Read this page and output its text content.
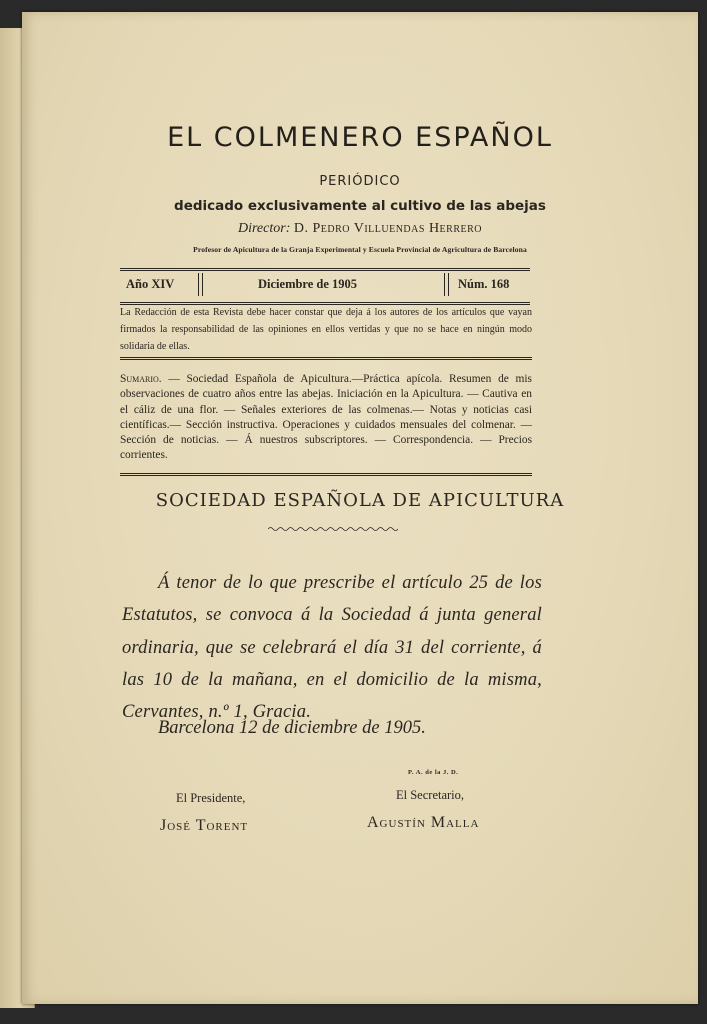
EL COLMENERO ESPAÑOL
PERIÓDICO
dedicado exclusivamente al cultivo de las abejas
Director: D. Pedro Villuendas Herrero
Profesor de Apicultura de la Granja Experimental y Escuela Provincial de Agricultura de Barcelona
Año XIV	Diciembre de 1905	Núm. 168
La Redacción de esta Revista debe hacer constar que deja á los autores de los artículos que vayan firmados la responsabilidad de las opiniones en ellos vertidas y que no se hace en ningún modo solidaria de ellas.
Sumario. — Sociedad Española de Apicultura.—Práctica apícola. Resumen de mis observaciones de cuatro años entre las abejas. Iniciación en la Apicultura. — Cautiva en el cáliz de una flor. — Señales exteriores de las colmenas.— Notas y noticias casi científicas.— Sección instructiva. Operaciones y cuidados mensuales del colmenar. — Sección de noticias. — Á nuestros subscriptores. — Correspondencia. — Precios corrientes.
SOCIEDAD ESPAÑOLA DE APICULTURA

Á tenor de lo que prescribe el artículo 25 de los Estatutos, se convoca á la Sociedad á junta general ordinaria, que se celebrará el día 31 del corriente, á las 10 de la mañana, en el domicilio de la misma, Cervantes, n.º 1, Gracia.

Barcelona 12 de diciembre de 1905.
P. A. de la J. D.
El Presidente,	El Secretario,
José Torent	Agustín Malla
